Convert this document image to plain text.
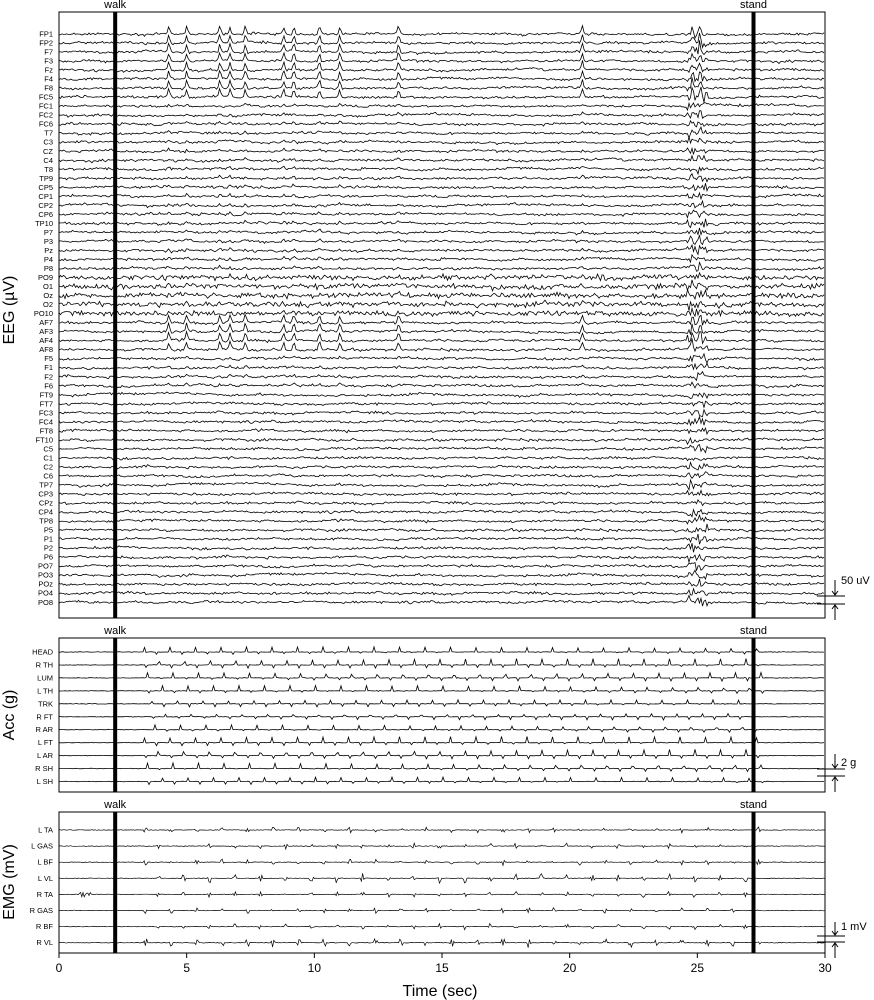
EEG (µV)
FP1
FP2
F7
F3
Fz
F4
F8
FC5
FC1
FC2
FC6
T7
C3
CZ
C4
T8
TP9
CP5
CP1
CP2
CP6
TP10
P7
P3
Pz
P4
P8
PO9
O1
Oz
O2
PO10
AF7
AF3
AF4
AF8
F5
F1
F2
F6
FT9
FT7
FC3
FC4
FT8
FT10
C5
C1
C2
C6
TP7
CP3
CPz
CP4
TP8
P5
P1
P2
P6
PO7
PO3
POz
PO4
PO8
walk	stand
50 uV
Acc (g)
HEAD
R TH
LUM
L TH
TRK
R FT
R AR
L FT
L AR
R SH
L SH
walk	stand
2 g
EMG (mV)
L TA
L GAS
L BF
L VL
R TA
R GAS
R BF
R VL
walk	stand
1 mV
0	5	10	15	20	25	30
Time (sec)
